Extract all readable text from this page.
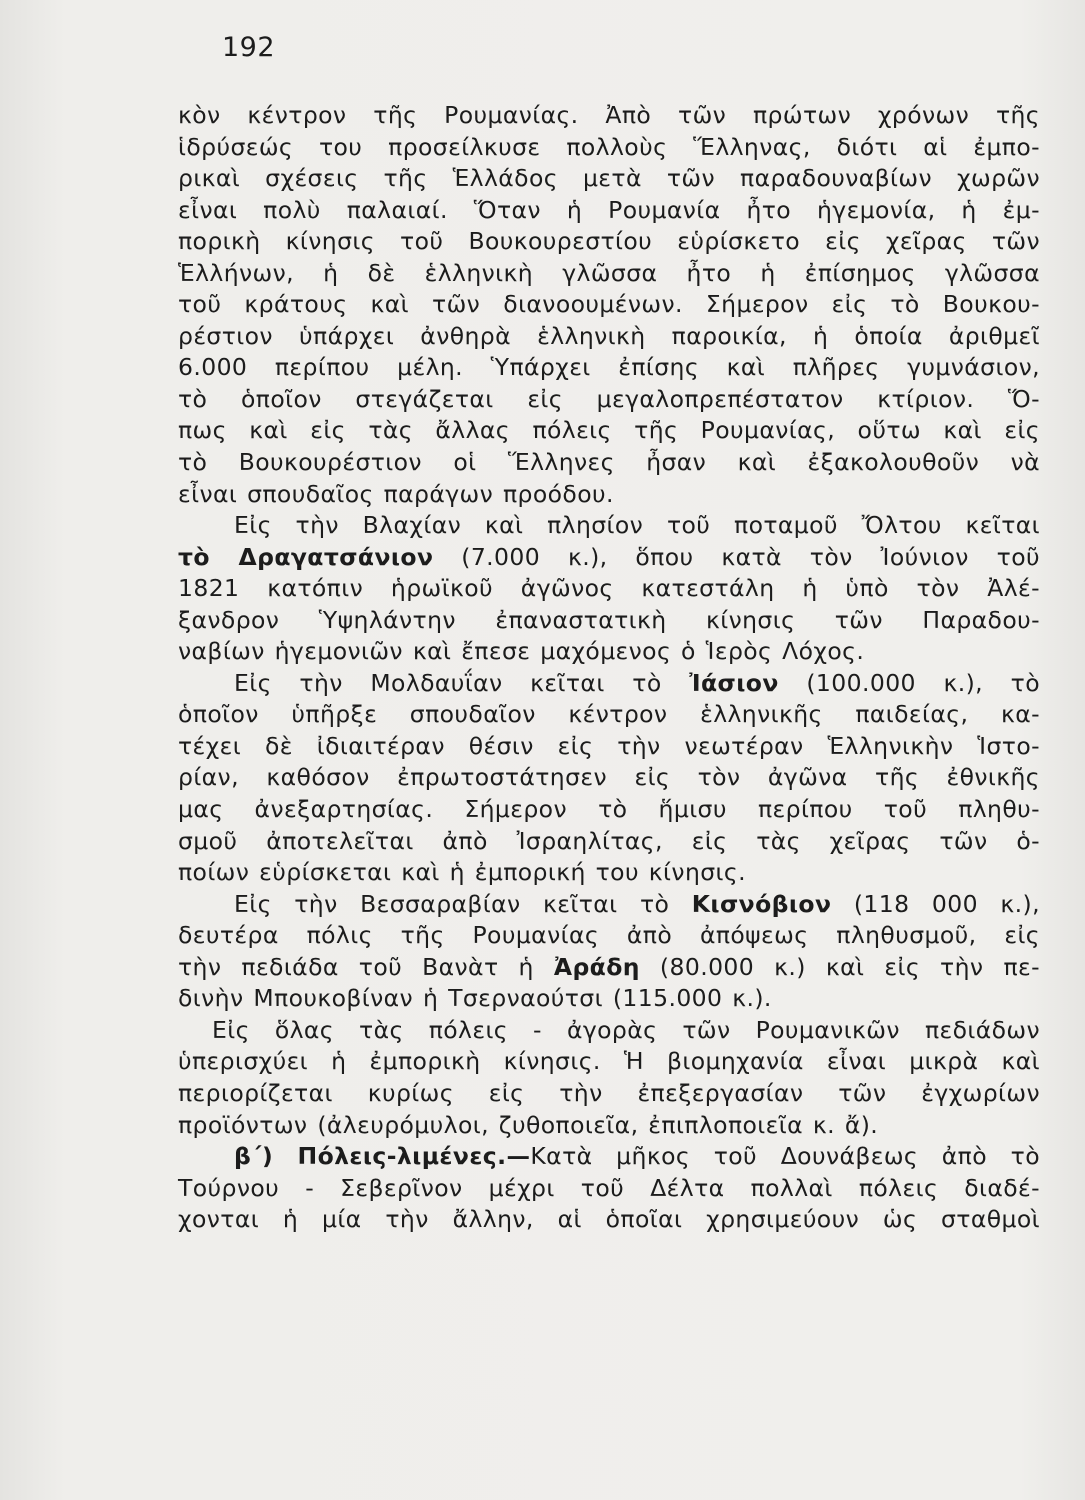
192
κὸν κέντρον τῆς Ρουμανίας. Ἀπὸ τῶν πρώτων χρόνων τῆς
ἱδρύσεώς του προσείλκυσε πολλοὺς Ἕλληνας, διότι αἱ ἐμπο-
ρικαὶ σχέσεις τῆς Ἑλλάδος μετὰ τῶν παραδουναβίων χωρῶν
εἶναι πολὺ παλαιαί. Ὅταν ἡ Ρουμανία ἦτο ἡγεμονία, ἡ ἐμ-
πορικὴ κίνησις τοῦ Βουκουρεστίου εὑρίσκετο εἰς χεῖρας τῶν
Ἑλλήνων, ἡ δὲ ἑλληνικὴ γλῶσσα ἦτο ἡ ἐπίσημος γλῶσσα
τοῦ κράτους καὶ τῶν διανοουμένων. Σήμερον εἰς τὸ Βουκου-
ρέστιον ὑπάρχει ἀνθηρὰ ἑλληνικὴ παροικία, ἡ ὁποία ἀριθμεῖ
6.000 περίπου μέλη. Ὑπάρχει ἐπίσης καὶ πλῆρες γυμνάσιον,
τὸ ὁποῖον στεγάζεται εἰς μεγαλοπρεπέστατον κτίριον. Ὅ-
πως καὶ εἰς τὰς ἄλλας πόλεις τῆς Ρουμανίας, οὕτω καὶ εἰς
τὸ Βουκουρέστιον οἱ Ἕλληνες ἦσαν καὶ ἐξακολουθοῦν νὰ
εἶναι σπουδαῖος παράγων προόδου.
Εἰς τὴν Βλαχίαν καὶ πλησίον τοῦ ποταμοῦ Ὄλτου κεῖται
τὸ Δραγατσάνιον (7.000 κ.), ὅπου κατὰ τὸν Ἰούνιον τοῦ
1821 κατόπιν ἡρωϊκοῦ ἀγῶνος κατεστάλη ἡ ὑπὸ τὸν Ἀλέ-
ξανδρον Ὑψηλάντην ἐπαναστατικὴ κίνησις τῶν Παραδου-
ναβίων ἡγεμονιῶν καὶ ἔπεσε μαχόμενος ὁ Ἱερὸς Λόχος.
Εἰς τὴν Μολδαυΐαν κεῖται τὸ Ἰάσιον (100.000 κ.), τὸ
ὁποῖον ὑπῆρξε σπουδαῖον κέντρον ἑλληνικῆς παιδείας, κα-
τέχει δὲ ἰδιαιτέραν θέσιν εἰς τὴν νεωτέραν Ἑλληνικὴν Ἱστο-
ρίαν, καθόσον ἐπρωτοστάτησεν εἰς τὸν ἀγῶνα τῆς ἐθνικῆς
μας ἀνεξαρτησίας. Σήμερον τὸ ἥμισυ περίπου τοῦ πληθυ-
σμοῦ ἀποτελεῖται ἀπὸ Ἰσραηλίτας, εἰς τὰς χεῖρας τῶν ὁ-
ποίων εὑρίσκεται καὶ ἡ ἐμπορική του κίνησις.
Εἰς τὴν Βεσσαραβίαν κεῖται τὸ Κισνόβιον (118 000 κ.),
δευτέρα πόλις τῆς Ρουμανίας ἀπὸ ἀπόψεως πληθυσμοῦ, εἰς
τὴν πεδιάδα τοῦ Βανὰτ ἡ Ἀράδη (80.000 κ.) καὶ εἰς τὴν πε-
δινὴν Μπουκοβίναν ἡ Τσερναούτσι (115.000 κ.).
Εἰς ὅλας τὰς πόλεις - ἀγορὰς τῶν Ρουμανικῶν πεδιάδων
ὑπερισχύει ἡ ἐμπορικὴ κίνησις. Ἡ βιομηχανία εἶναι μικρὰ καὶ
περιορίζεται κυρίως εἰς τὴν ἐπεξεργασίαν τῶν ἐγχωρίων
προϊόντων (ἀλευρόμυλοι, ζυθοποιεῖα, ἐπιπλοποιεῖα κ. ἄ).
β΄) Πόλεις-λιμένες.—Κατὰ μῆκος τοῦ Δουνάβεως ἀπὸ τὸ
Τούρνου - Σεβερῖνον μέχρι τοῦ Δέλτα πολλαὶ πόλεις διαδέ-
χονται ἡ μία τὴν ἄλλην, αἱ ὁποῖαι χρησιμεύουν ὡς σταθμοὶ
